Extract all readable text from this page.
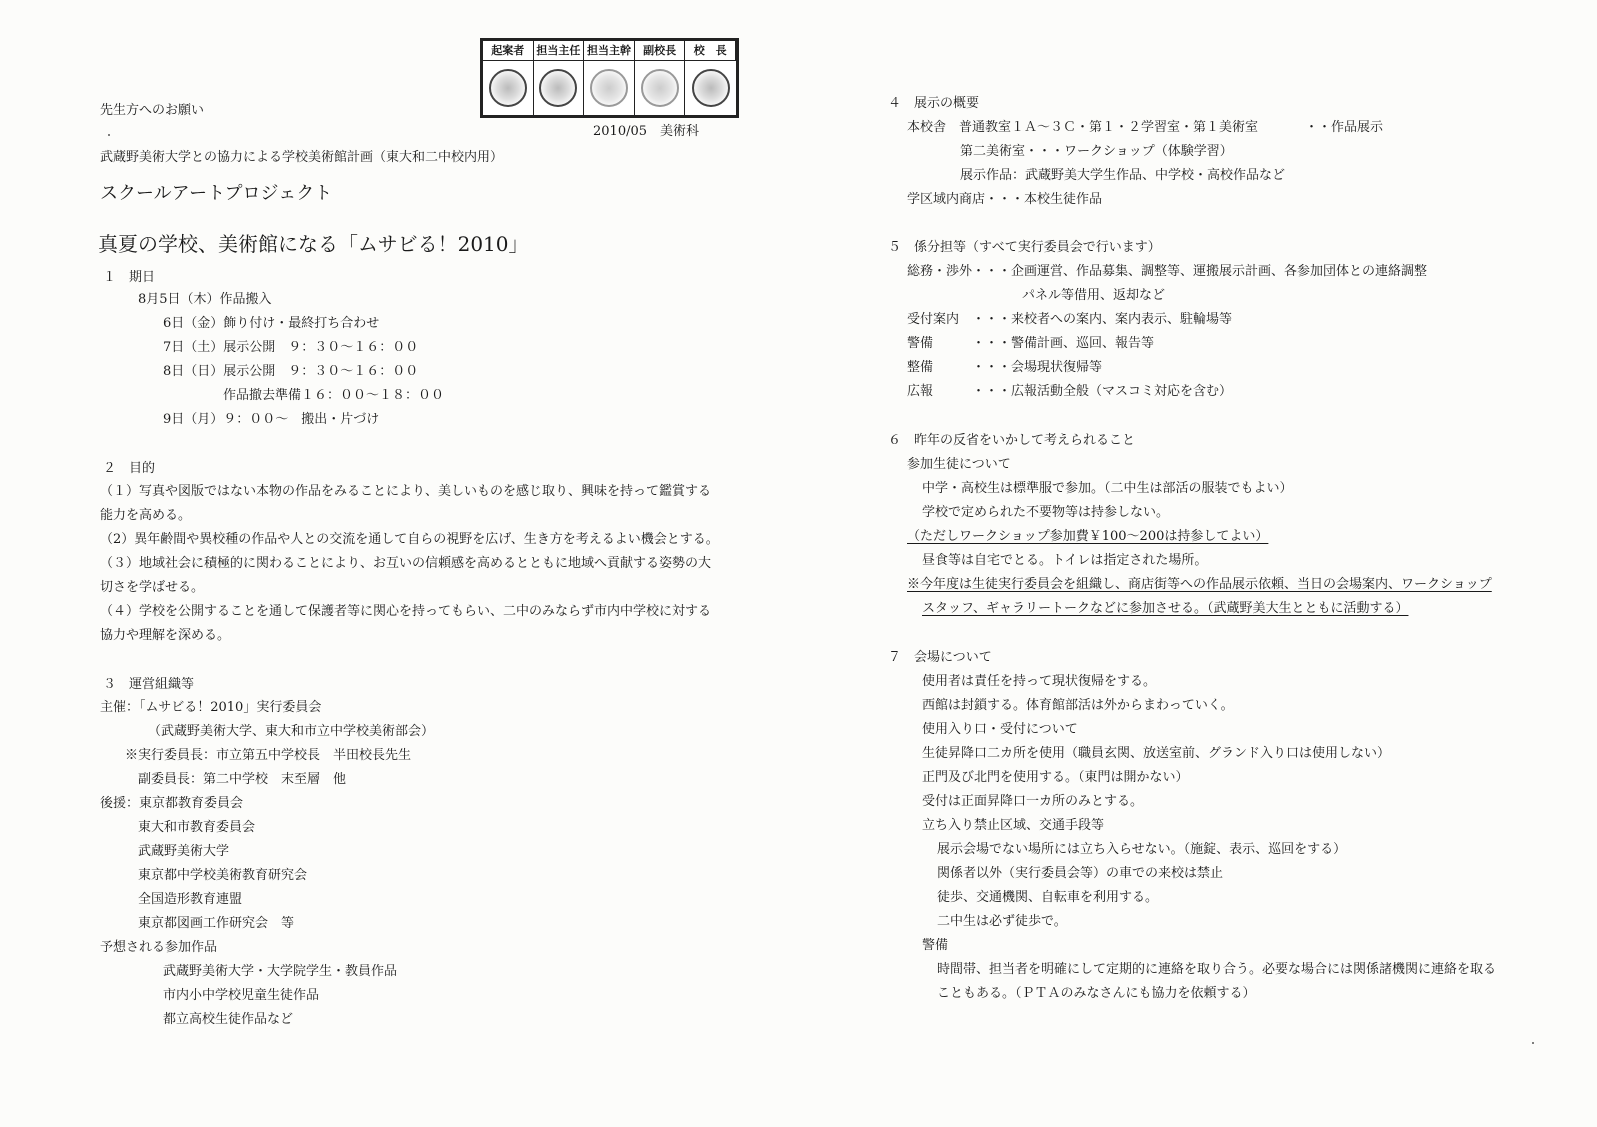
起案者	担当主任 担当主幹	副校長	校　長
先生方へのお願い
2010/05　美術科
武蔵野美術大学との協力による学校美術館計画（東大和二中校内用）
スクールアートプロジェクト
真夏の学校、美術館になる「ムサビる！2010」
１　期日
8月5日（木）作品搬入
6日（金）飾り付け・最終打ち合わせ
7日（土）展示公開　９：３０～１６：００
8日（日）展示公開　９：３０～１６：００
作品撤去準備１６：００～１８：００
9日（月）９：００～　搬出・片づけ
２　目的
（１）写真や図版ではない本物の作品をみることにより、美しいものを感じ取り、興味を持って鑑賞する
能力を高める。
（2）異年齢間や異校種の作品や人との交流を通して自らの視野を広げ、生き方を考えるよい機会とする。
（３）地域社会に積極的に関わることにより、お互いの信頼感を高めるとともに地域へ貢献する姿勢の大
切さを学ばせる。
（４）学校を公開することを通して保護者等に関心を持ってもらい、二中のみならず市内中学校に対する
協力や理解を深める。
３　運営組織等
主催：「ムサビる！2010」実行委員会
（武蔵野美術大学、東大和市立中学校美術部会）
※実行委員長：市立第五中学校長　半田校長先生
副委員長：第二中学校　末至層　他
後援：東京都教育委員会
東大和市教育委員会
武蔵野美術大学
東京都中学校美術教育研究会
全国造形教育連盟
東京都図画工作研究会　等
予想される参加作品
武蔵野美術大学・大学院学生・教員作品
市内小中学校児童生徒作品
都立高校生徒作品など
４　展示の概要
本校舎　普通教室１Ａ～３Ｃ・第１・２学習室・第１美術室	・・作品展示
第二美術室・・・ワークショップ（体験学習）
展示作品：武蔵野美大学生作品、中学校・高校作品など
学区域内商店・・・本校生徒作品
５　係分担等（すべて実行委員会で行います）
総務・渉外・・・企画運営、作品募集、調整等、運搬展示計画、各参加団体との連絡調整
パネル等借用、返却など
受付案内　・・・来校者への案内、案内表示、駐輪場等
警備　　　・・・警備計画、巡回、報告等
整備　　　・・・会場現状復帰等
広報　　　・・・広報活動全般（マスコミ対応を含む）
６　昨年の反省をいかして考えられること
参加生徒について
中学・高校生は標準服で参加。（二中生は部活の服装でもよい）
学校で定められた不要物等は持参しない。
（ただしワークショップ参加費￥100～200は持参してよい）
昼食等は自宅でとる。トイレは指定された場所。
※今年度は生徒実行委員会を組織し、商店街等への作品展示依頼、当日の会場案内、ワークショップ
スタッフ、ギャラリートークなどに参加させる。（武蔵野美大生とともに活動する）
７　会場について
使用者は責任を持って現状復帰をする。
西館は封鎖する。体育館部活は外からまわっていく。
使用入り口・受付について
生徒昇降口二カ所を使用（職員玄関、放送室前、グランド入り口は使用しない）
正門及び北門を使用する。（東門は開かない）
受付は正面昇降口一カ所のみとする。
立ち入り禁止区域、交通手段等
展示会場でない場所には立ち入らせない。（施錠、表示、巡回をする）
関係者以外（実行委員会等）の車での来校は禁止
徒歩、交通機関、自転車を利用する。
二中生は必ず徒歩で。
警備
時間帯、担当者を明確にして定期的に連絡を取り合う。必要な場合には関係諸機関に連絡を取る
こともある。（ＰＴＡのみなさんにも協力を依頼する）
